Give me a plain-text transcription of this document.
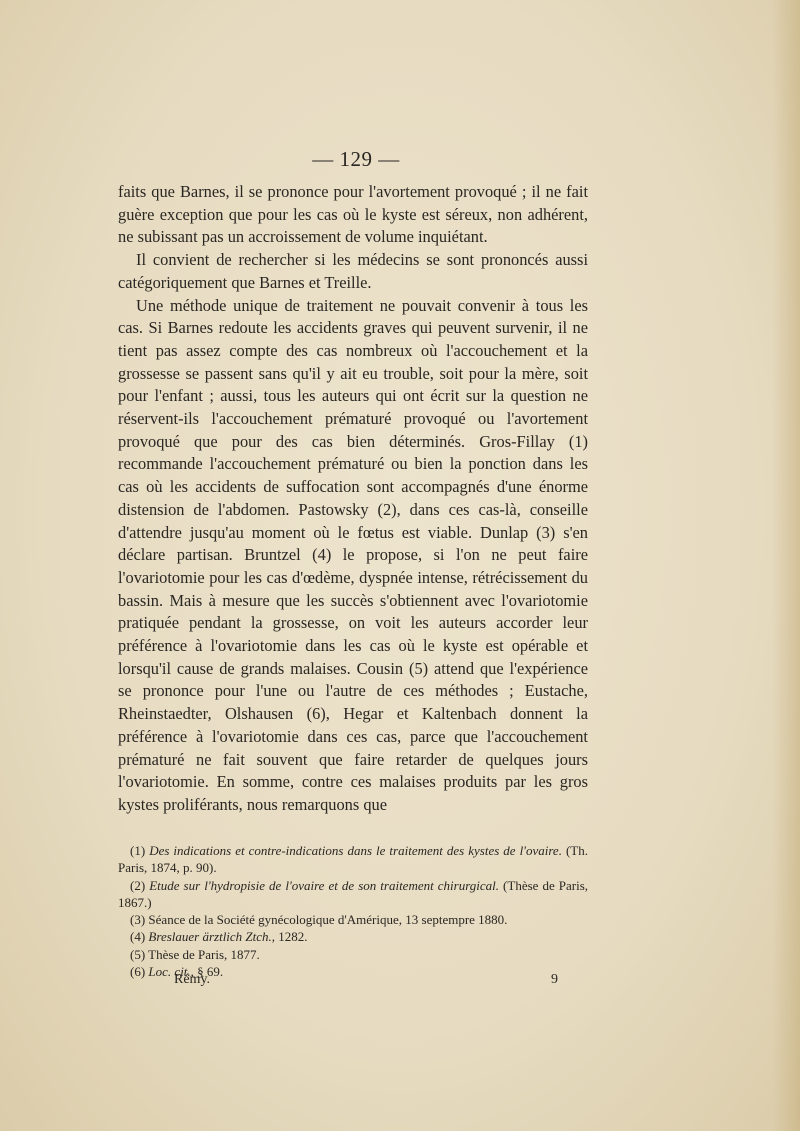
— 129 —

faits que Barnes, il se prononce pour l'avortement provoqué ; il ne fait guère exception que pour les cas où le kyste est séreux, non adhérent, ne subissant pas un accroissement de volume inquiétant.

Il convient de rechercher si les médecins se sont prononcés aussi catégoriquement que Barnes et Treille.

Une méthode unique de traitement ne pouvait convenir à tous les cas. Si Barnes redoute les accidents graves qui peuvent survenir, il ne tient pas assez compte des cas nombreux où l'accouchement et la grossesse se passent sans qu'il y ait eu trouble, soit pour la mère, soit pour l'enfant ; aussi, tous les auteurs qui ont écrit sur la question ne réservent-ils l'accouchement prématuré provoqué ou l'avortement provoqué que pour des cas bien déterminés. Gros-Fillay (1) recommande l'accouchement prématuré ou bien la ponction dans les cas où les accidents de suffocation sont accompagnés d'une énorme distension de l'abdomen. Pastowsky (2), dans ces cas-là, conseille d'attendre jusqu'au moment où le fœtus est viable. Dunlap (3) s'en déclare partisan. Bruntzel (4) le propose, si l'on ne peut faire l'ovariotomie pour les cas d'œdème, dyspnée intense, rétrécissement du bassin. Mais à mesure que les succès s'obtiennent avec l'ovariotomie pratiquée pendant la grossesse, on voit les auteurs accorder leur préférence à l'ovariotomie dans les cas où le kyste est opérable et lorsqu'il cause de grands malaises. Cousin (5) attend que l'expérience se prononce pour l'une ou l'autre de ces méthodes ; Eustache, Rheinstaedter, Olshausen (6), Hegar et Kaltenbach donnent la préférence à l'ovariotomie dans ces cas, parce que l'accouchement prématuré ne fait souvent que faire retarder de quelques jours l'ovariotomie. En somme, contre ces malaises produits par les gros kystes proliférants, nous remarquons que

(1) Des indications et contre-indications dans le traitement des kystes de l'ovaire. (Th. Paris, 1874, p. 90).

(2) Etude sur l'hydropisie de l'ovaire et de son traitement chirurgical. (Thèse de Paris, 1867.)

(3) Séance de la Société gynécologique d'Amérique, 13 septempre 1880.

(4) Breslauer ärztlich Ztch., 1282.

(5) Thèse de Paris, 1877.

(6) Loc. cit., § 69.

Rémy.	9
